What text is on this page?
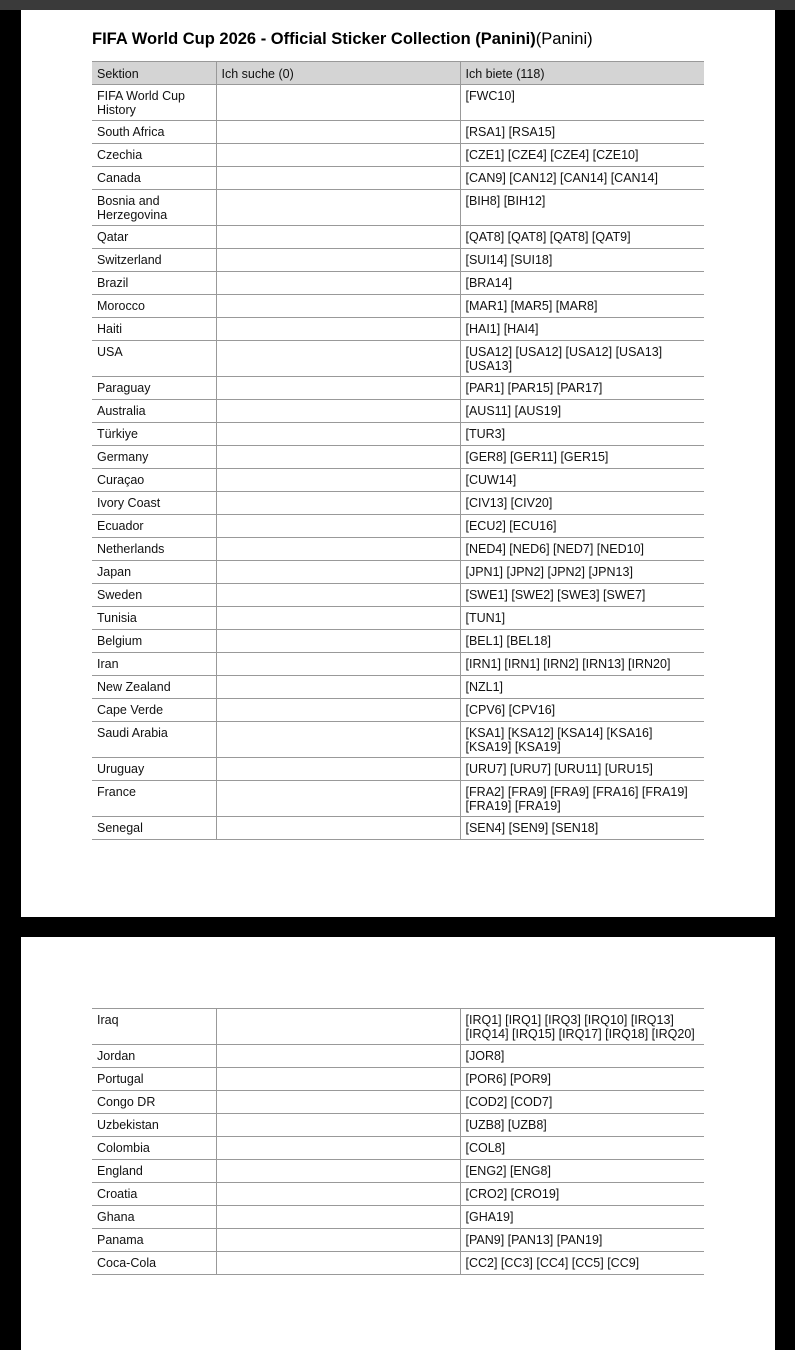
FIFA World Cup 2026 - Official Sticker Collection (Panini)(Panini)
Sektion	Ich suche (0)	Ich biete (118)
FIFA World Cup History		[FWC10]
South Africa		[RSA1] [RSA15]
Czechia		[CZE1] [CZE4] [CZE4] [CZE10]
Canada		[CAN9] [CAN12] [CAN14] [CAN14]
Bosnia and Herzegovina		[BIH8] [BIH12]
Qatar		[QAT8] [QAT8] [QAT8] [QAT9]
Switzerland		[SUI14] [SUI18]
Brazil		[BRA14]
Morocco		[MAR1] [MAR5] [MAR8]
Haiti		[HAI1] [HAI4]
USA		[USA12] [USA12] [USA12] [USA13] [USA13]
Paraguay		[PAR1] [PAR15] [PAR17]
Australia		[AUS11] [AUS19]
Türkiye		[TUR3]
Germany		[GER8] [GER11] [GER15]
Curaçao		[CUW14]
Ivory Coast		[CIV13] [CIV20]
Ecuador		[ECU2] [ECU16]
Netherlands		[NED4] [NED6] [NED7] [NED10]
Japan		[JPN1] [JPN2] [JPN2] [JPN13]
Sweden		[SWE1] [SWE2] [SWE3] [SWE7]
Tunisia		[TUN1]
Belgium		[BEL1] [BEL18]
Iran		[IRN1] [IRN1] [IRN2] [IRN13] [IRN20]
New Zealand		[NZL1]
Cape Verde		[CPV6] [CPV16]
Saudi Arabia		[KSA1] [KSA12] [KSA14] [KSA16] [KSA19] [KSA19]
Uruguay		[URU7] [URU7] [URU11] [URU15]
France		[FRA2] [FRA9] [FRA9] [FRA16] [FRA19] [FRA19] [FRA19]
Senegal		[SEN4] [SEN9] [SEN18]
Iraq		[IRQ1] [IRQ1] [IRQ3] [IRQ10] [IRQ13] [IRQ14] [IRQ15] [IRQ17] [IRQ18] [IRQ20]
Jordan		[JOR8]
Portugal		[POR6] [POR9]
Congo DR		[COD2] [COD7]
Uzbekistan		[UZB8] [UZB8]
Colombia		[COL8]
England		[ENG2] [ENG8]
Croatia		[CRO2] [CRO19]
Ghana		[GHA19]
Panama		[PAN9] [PAN13] [PAN19]
Coca-Cola		[CC2] [CC3] [CC4] [CC5] [CC9]
